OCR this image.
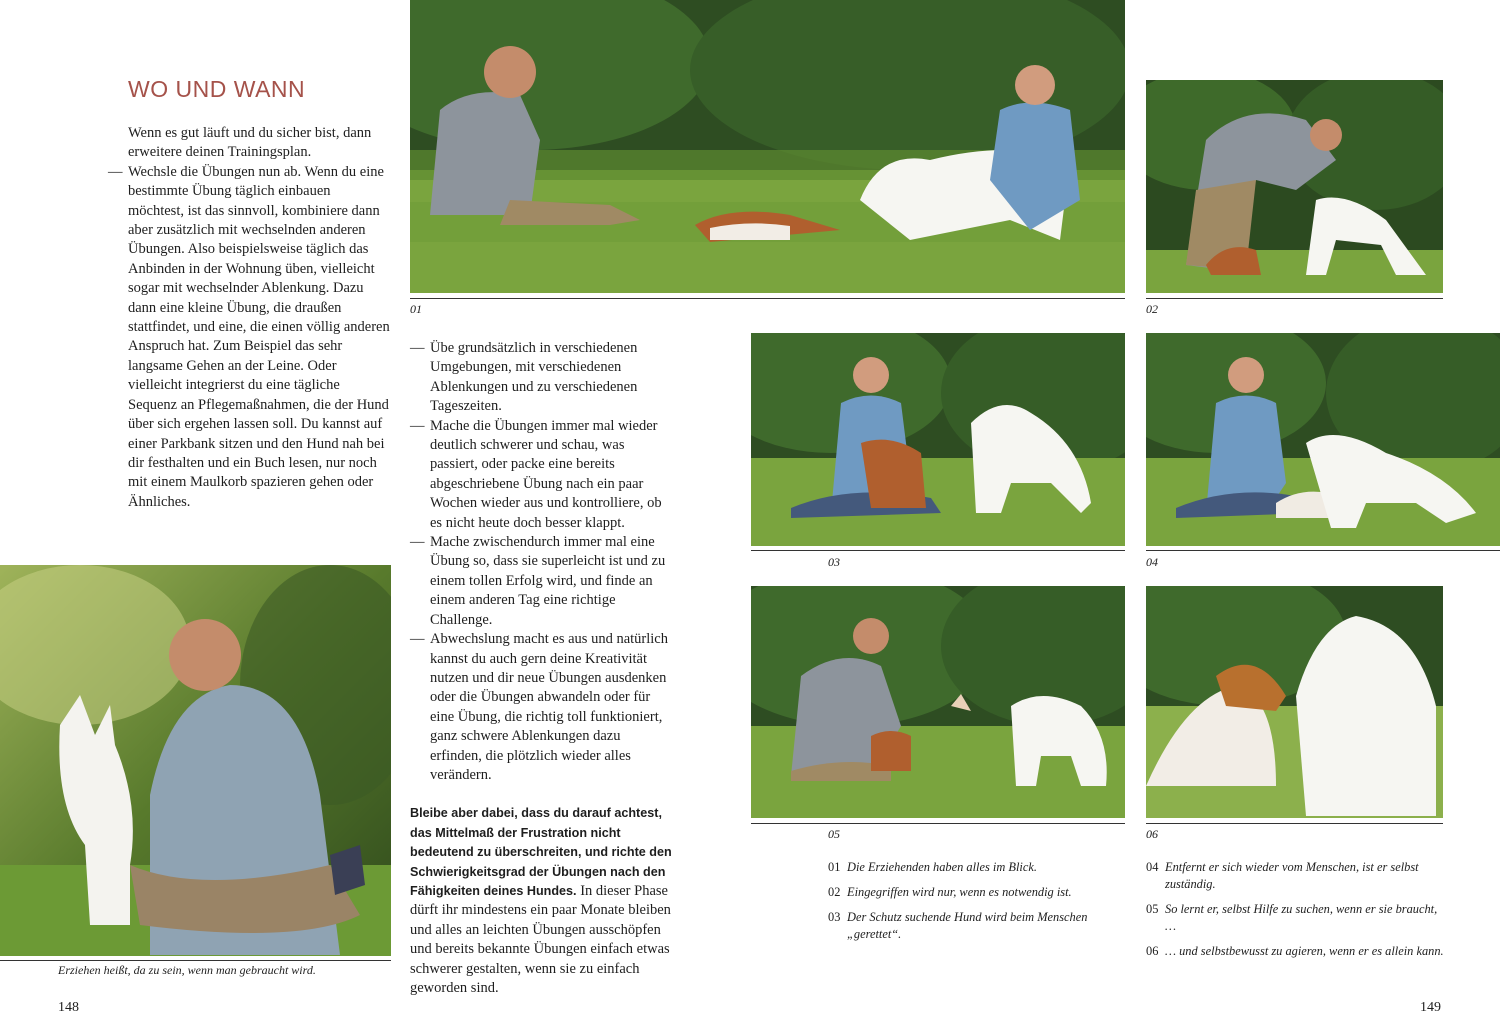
WO UND WANN

Wenn es gut läuft und du sicher bist, dann

erweitere deinen Trainingsplan.

— Wechsle die Übungen nun ab. Wenn du eine bestimmte Übung täglich einbauen möchtest, ist das sinnvoll, kombiniere dann aber zusätzlich mit wechselnden anderen Übungen. Also beispielsweise täglich das Anbinden in der Wohnung üben, vielleicht sogar mit wechselnder Ablenkung. Dazu dann eine kleine Übung, die draußen stattfindet, und eine, die einen völlig anderen Anspruch hat. Zum Beispiel das sehr langsame Gehen an der Leine. Oder vielleicht integrierst du eine tägliche Sequenz an Pflegemaßnahmen, die der Hund über sich ergehen lassen soll. Du kannst auf einer Parkbank sitzen und den Hund nah bei dir festhalten und ein Buch lesen, nur noch mit einem Maulkorb spazieren gehen oder Ähnliches.
Erziehen heißt, da zu sein, wenn man gebraucht wird.
148
01
— Übe grundsätzlich in verschiedenen Umgebungen, mit verschiedenen Ablenkungen und zu verschiedenen Tageszeiten.
— Mache die Übungen immer mal wieder deutlich schwerer und schau, was passiert, oder packe eine bereits abgeschriebene Übung nach ein paar Wochen wieder aus und kontrolliere, ob es nicht heute doch besser klappt.
— Mache zwischendurch immer mal eine Übung so, dass sie superleicht ist und zu einem tollen Erfolg wird, und finde an einem anderen Tag eine richtige Challenge.
— Abwechslung macht es aus und natürlich kannst du auch gern deine Kreativität nutzen und dir neue Übungen ausdenken oder die Übungen abwandeln oder für eine Übung, die richtig toll funktioniert, ganz schwere Ablenkungen dazu erfinden, die plötzlich wieder alles verändern.

Bleibe aber dabei, dass du darauf achtest, das Mittelmaß der Frustration nicht bedeutend zu überschreiten, und richte den Schwierigkeitsgrad der Übungen nach den Fähigkeiten deines Hundes. In dieser Phase dürft ihr mindestens ein paar Monate bleiben und alles an leichten Übungen ausschöpfen und bereits bekannte Übungen einfach etwas schwerer gestalten, wenn sie zu einfach geworden sind.

02
03	04
05	06
01 Die Erziehenden haben alles im Blick.
02 Eingegriffen wird nur, wenn es notwendig ist.
03 Der Schutz suchende Hund wird beim Menschen „gerettet“.
04 Entfernt er sich wieder vom Menschen, ist er selbst zuständig.
05 So lernt er, selbst Hilfe zu suchen, wenn er sie braucht, …
06 … und selbstbewusst zu agieren, wenn er es allein kann.
149
